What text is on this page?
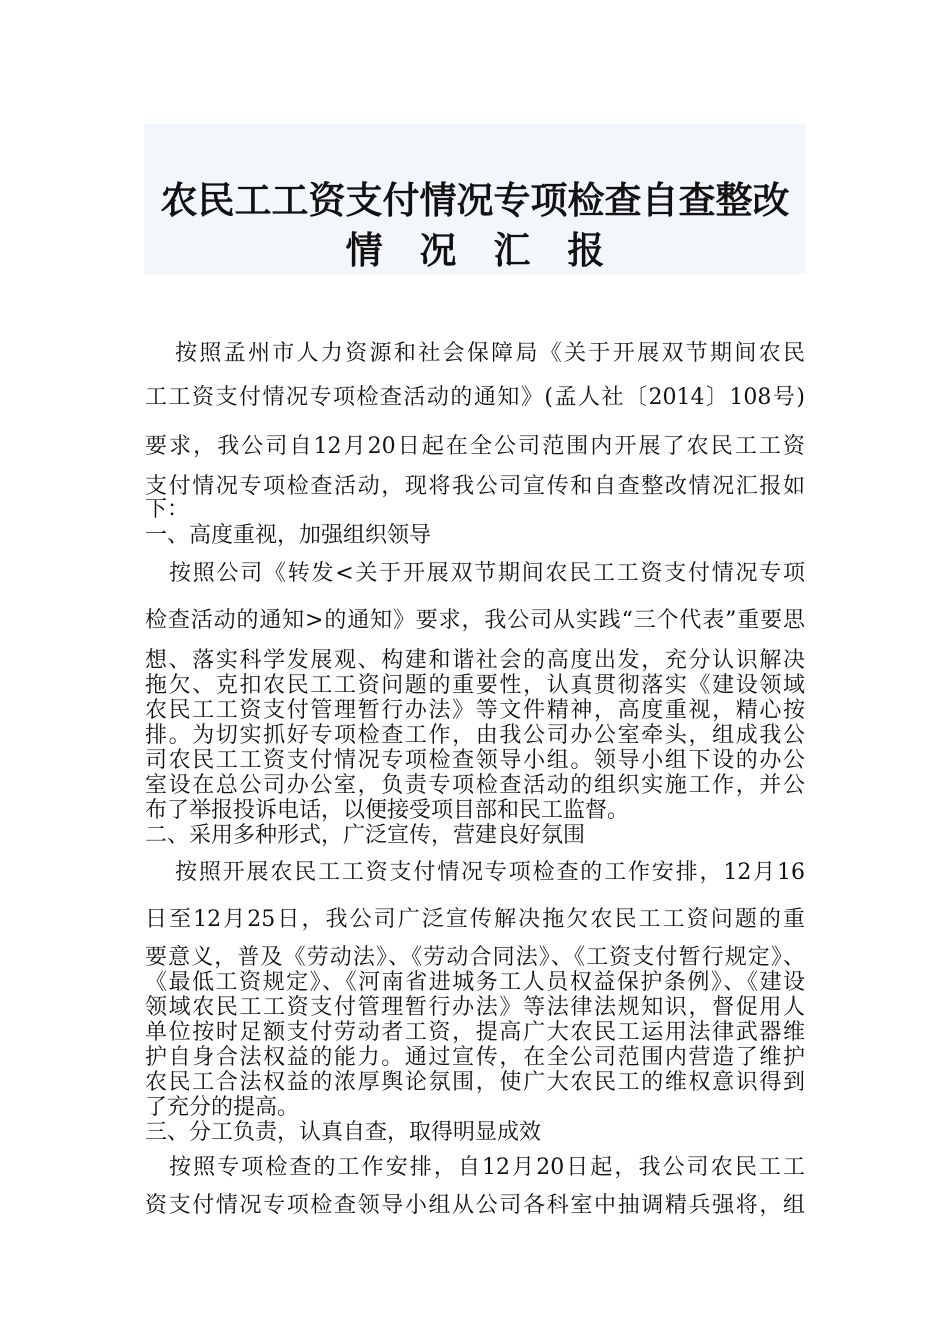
农民工工资支付情况专项检查自查整改
情 况 汇 报
按照孟州市人力资源和社会保障局《关于开展双节期间农民
工工资支付情况专项检查活动的通知》(孟人社〔2014〕108号)
要求，我公司自12月20日起在全公司范围内开展了农民工工资
支付情况专项检查活动，现将我公司宣传和自查整改情况汇报如
下：
一、高度重视，加强组织领导
按照公司《转发<关于开展双节期间农民工工资支付情况专项
检查活动的通知>的通知》要求，我公司从实践“三个代表”重要思
想、落实科学发展观、构建和谐社会的高度出发，充分认识解决
拖欠、克扣农民工工资问题的重要性，认真贯彻落实《建设领域
农民工工资支付管理暂行办法》等文件精神，高度重视，精心按
排。为切实抓好专项检查工作，由我公司办公室牵头，组成我公
司农民工工资支付情况专项检查领导小组。领导小组下设的办公
室设在总公司办公室，负责专项检查活动的组织实施工作，并公
布了举报投诉电话，以便接受项目部和民工监督。
二、采用多种形式，广泛宣传，营建良好氛围
按照开展农民工工资支付情况专项检查的工作安排，12月16
日至12月25日，我公司广泛宣传解决拖欠农民工工资问题的重
要意义，普及《劳动法》、《劳动合同法》、《工资支付暂行规定》、
《最低工资规定》、《河南省进城务工人员权益保护条例》、《建设
领域农民工工资支付管理暂行办法》等法律法规知识，督促用人
单位按时足额支付劳动者工资，提高广大农民工运用法律武器维
护自身合法权益的能力。通过宣传，在全公司范围内营造了维护
农民工合法权益的浓厚舆论氛围，使广大农民工的维权意识得到
了充分的提高。
三、分工负责，认真自查，取得明显成效
按照专项检查的工作安排，自12月20日起，我公司农民工工
资支付情况专项检查领导小组从公司各科室中抽调精兵强将，组
